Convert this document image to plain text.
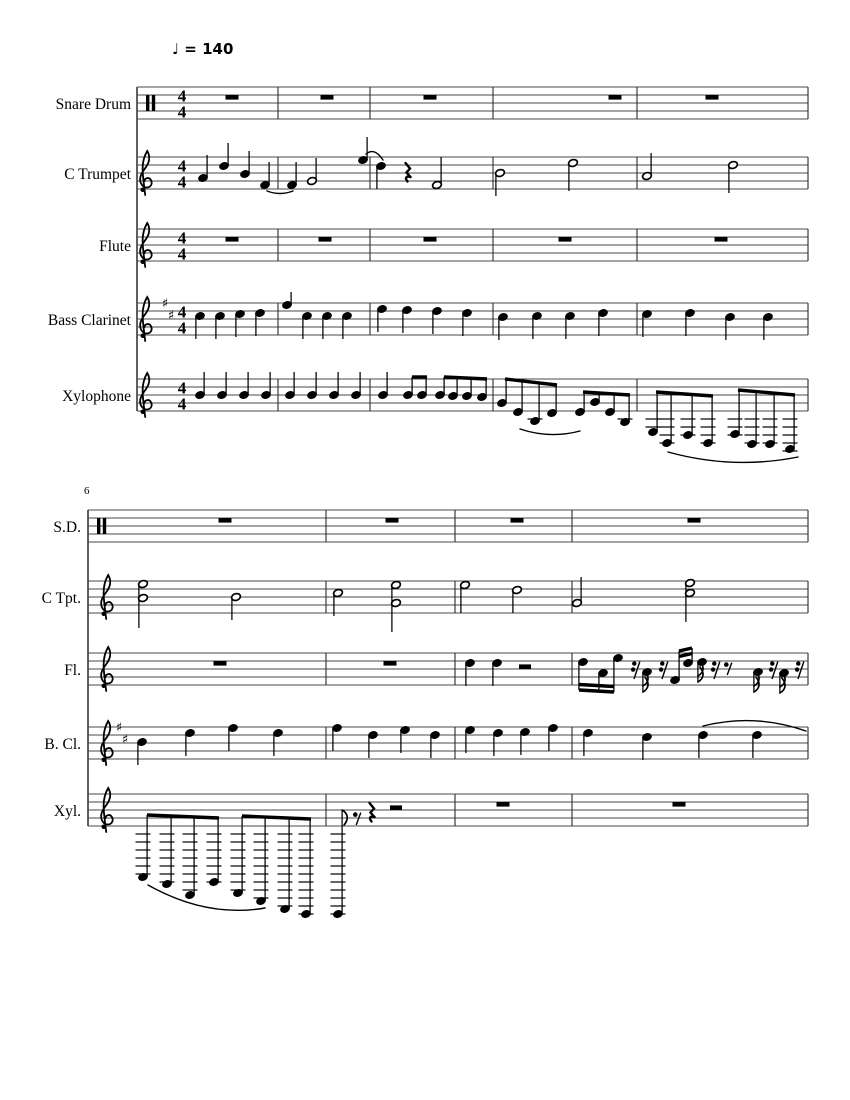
4
4
4
4
4
4
♯
♯ 4
4
4
4
♯
♯
♩ = 140
6
Snare Drum
C Trumpet
Flute
Bass Clarinet
Xylophone
S.D.
C Tpt.
Fl.
B. Cl.
Xyl.
